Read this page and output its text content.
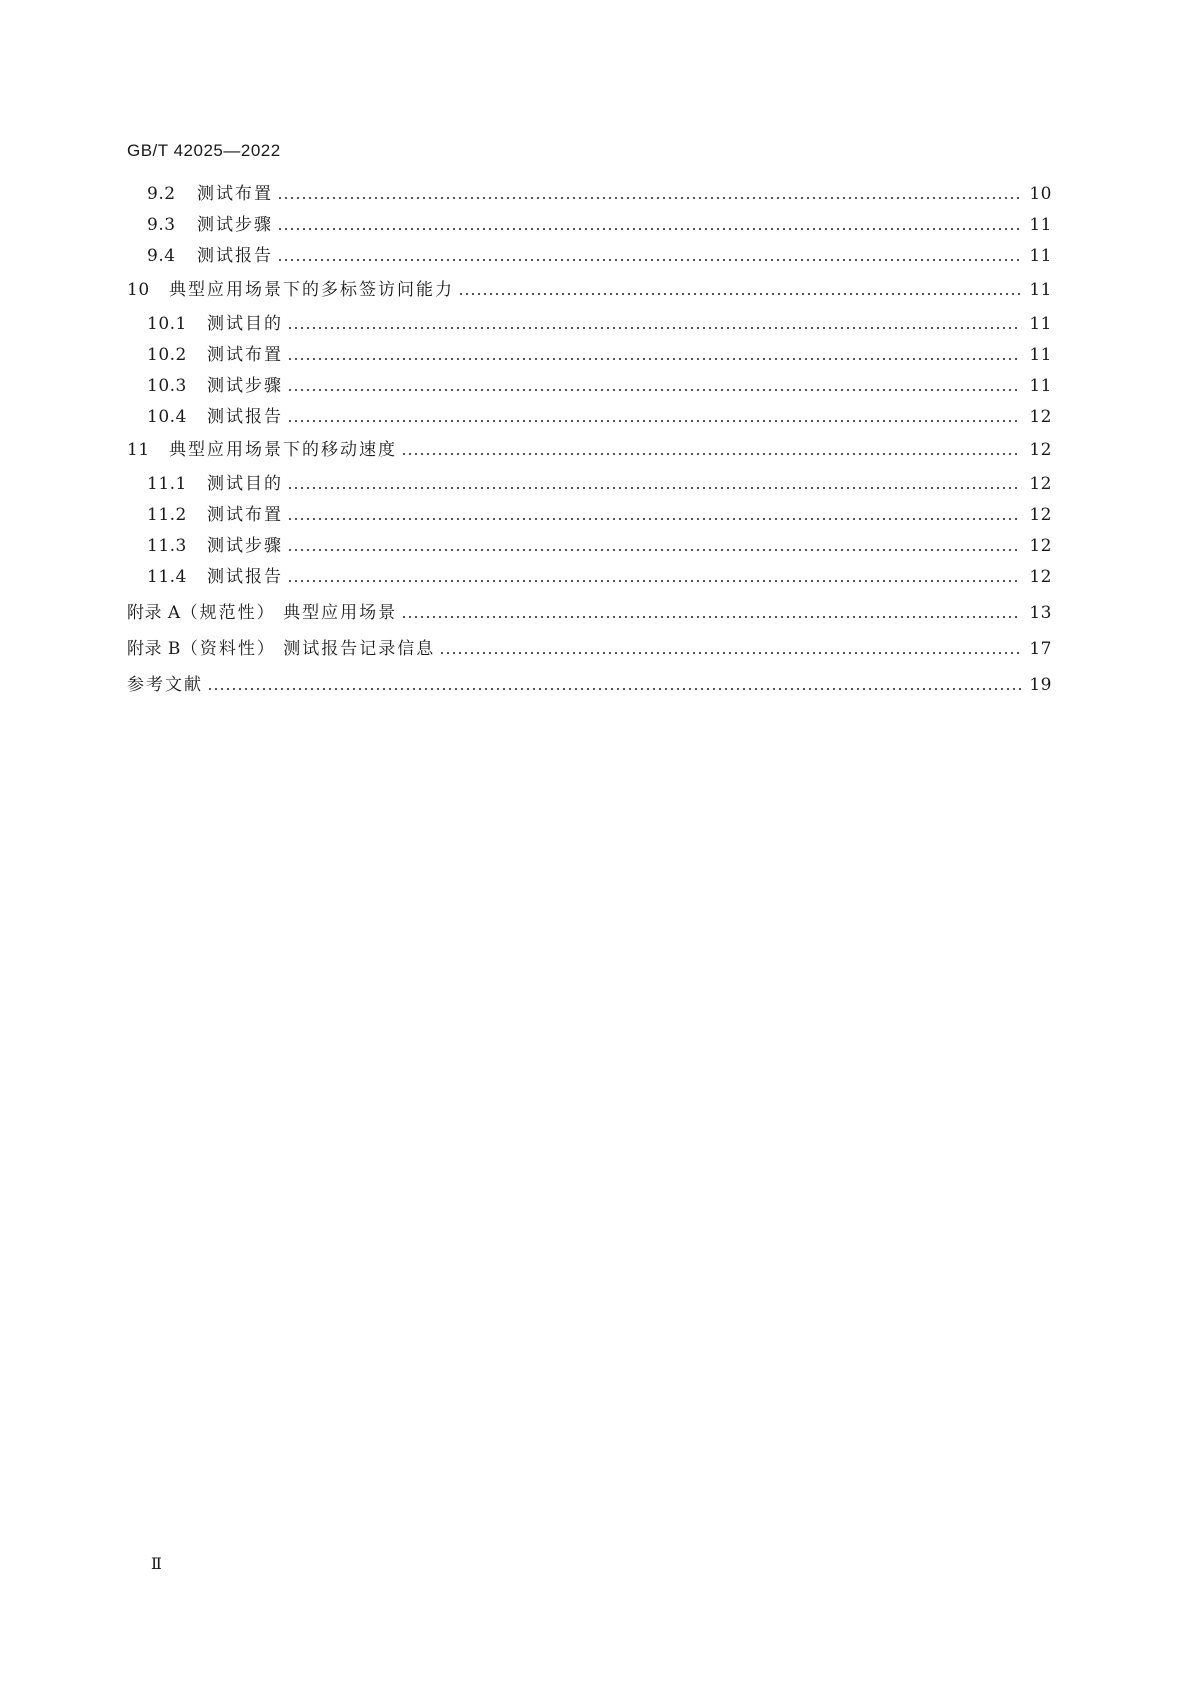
GB/T 42025—2022
9.2	测试布置	10
9.3	测试步骤	11
9.4	测试报告	11
10	典型应用场景下的多标签访问能力	11
10.1	测试目的	11
10.2	测试布置	11
10.3	测试步骤	11
10.4	测试报告	12
11	典型应用场景下的移动速度	12
11.1	测试目的	12
11.2	测试布置	12
11.3	测试步骤	12
11.4	测试报告	12
附录 A （规范性） 典型应用场景	13
附录 B （资料性） 测试报告记录信息	17
参考文献	19
Ⅱ
